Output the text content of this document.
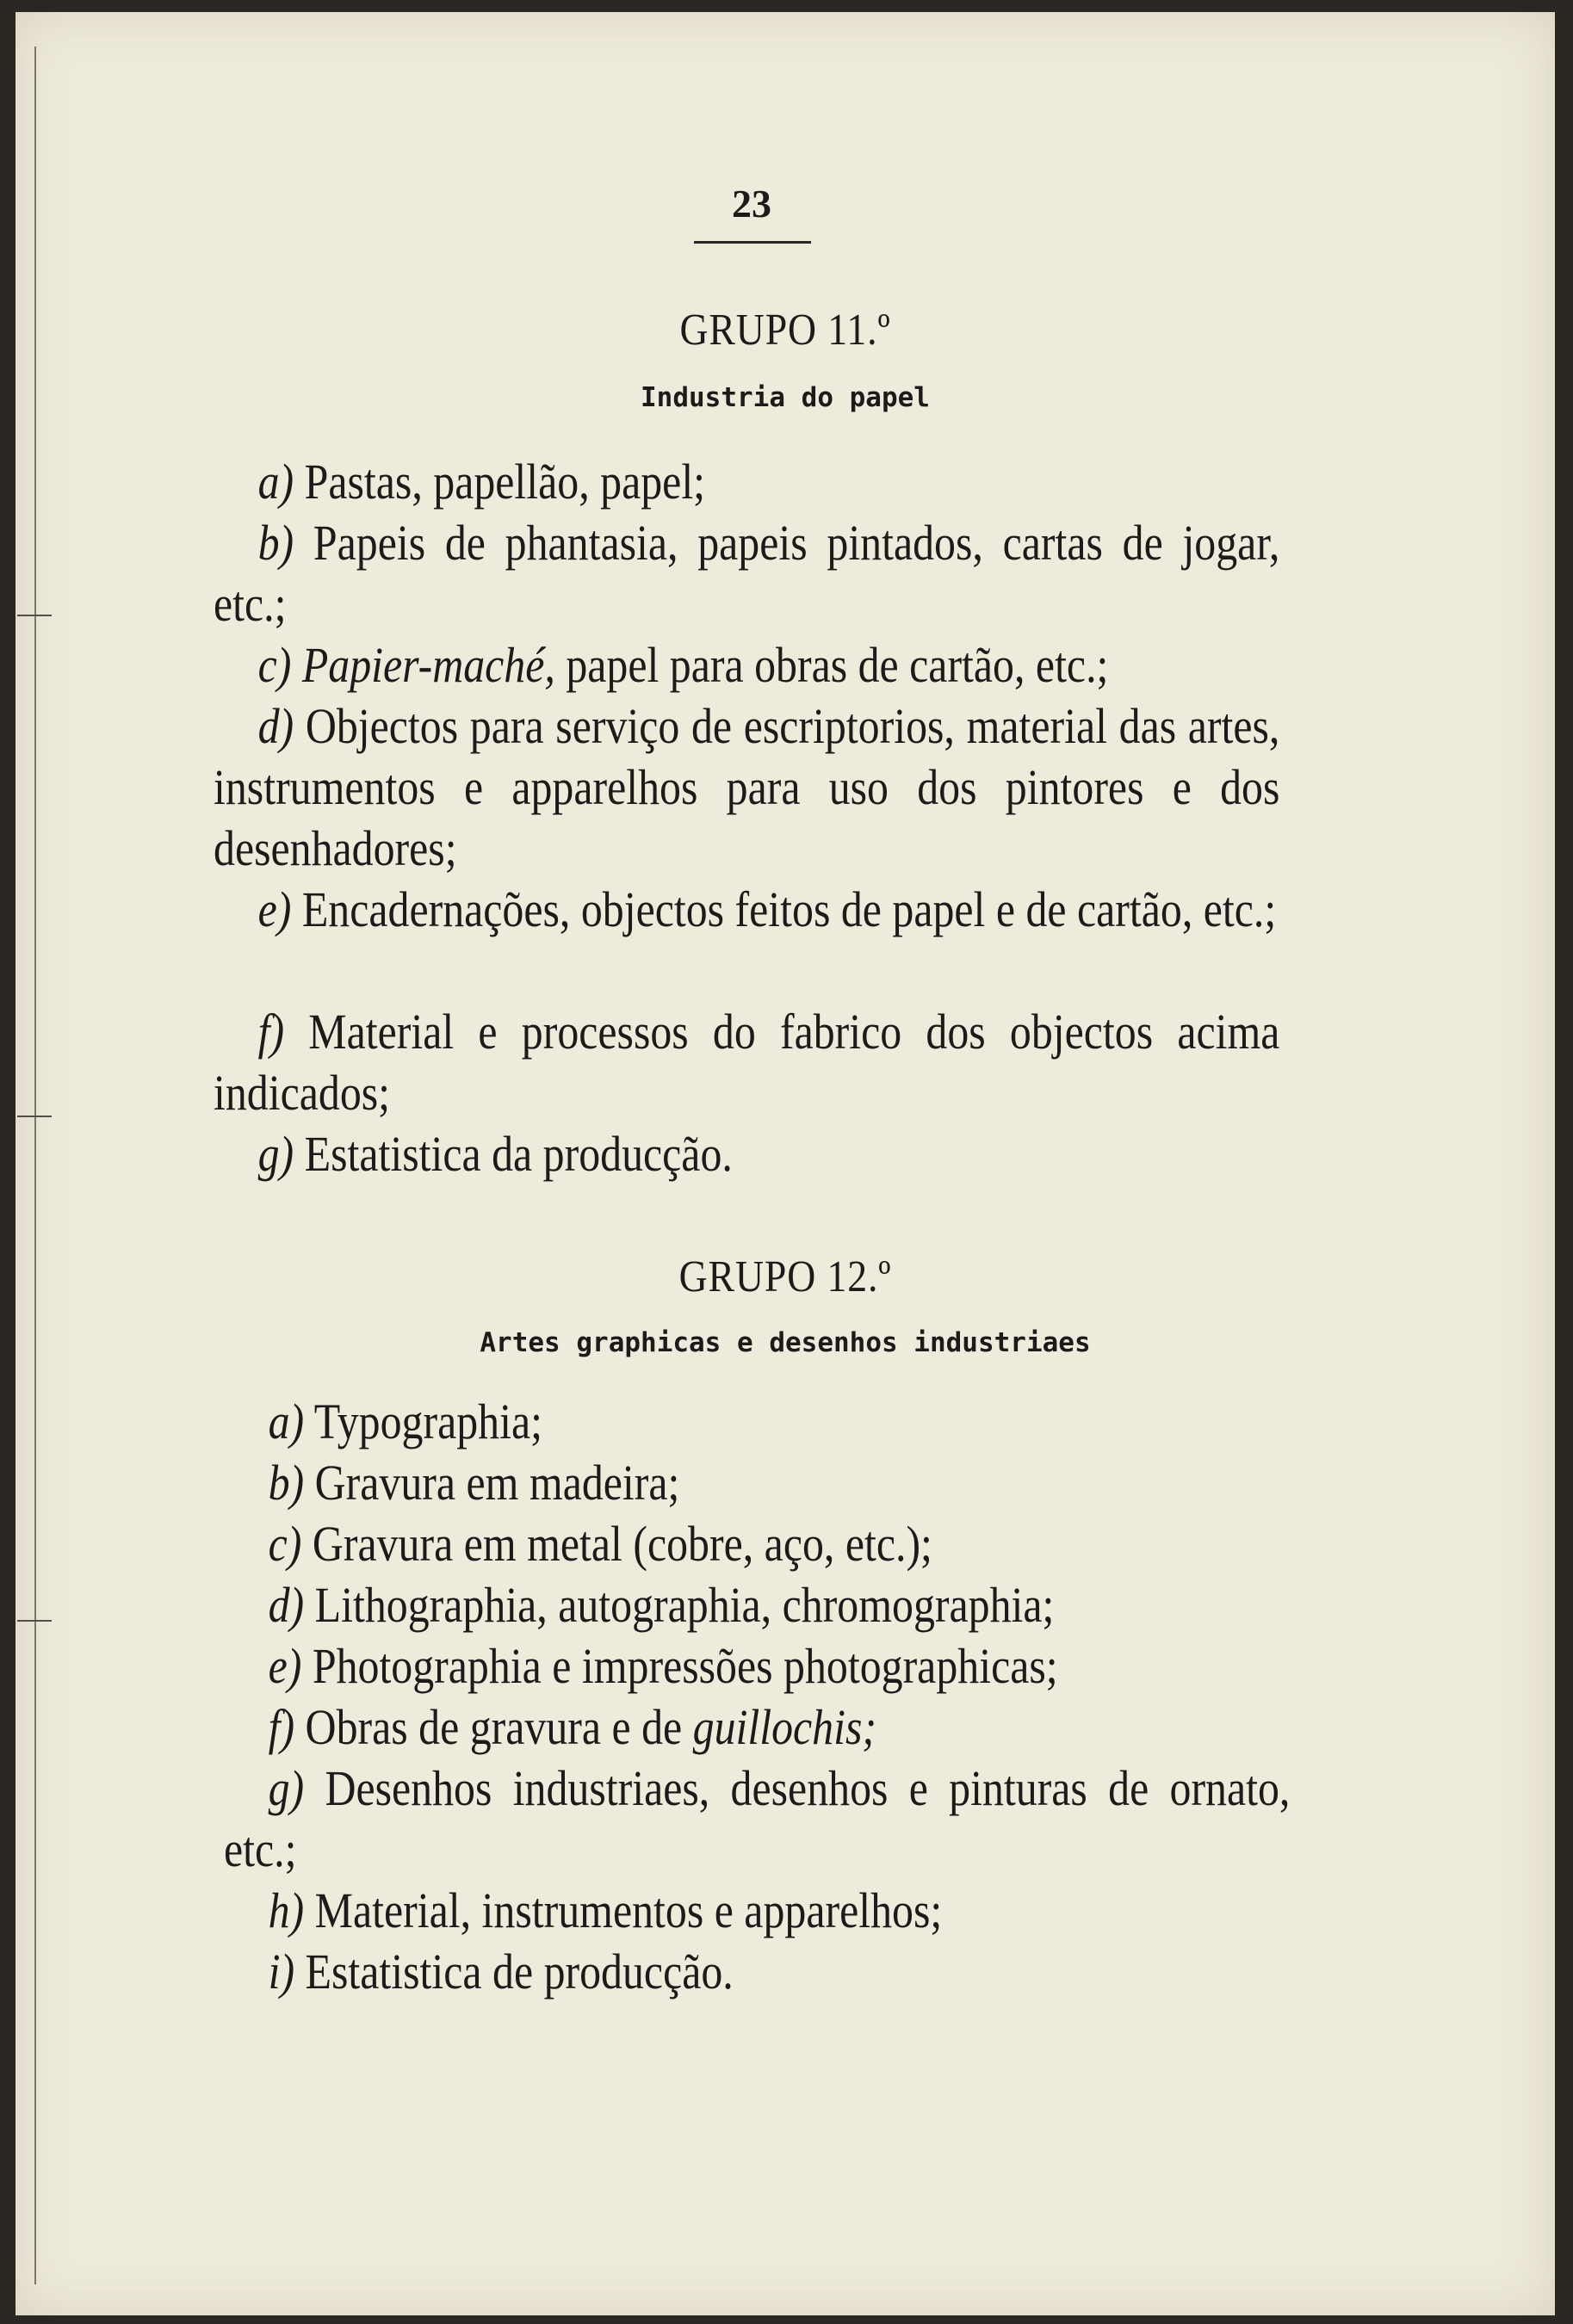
23
GRUPO 11.º
Industria do papel
a) Pastas, papellão, papel;
b) Papeis de phantasia, papeis pintados, cartas de jogar, etc.;
c) Papier-maché, papel para obras de cartão, etc.;
d) Objectos para serviço de escriptorios, material das artes, instrumentos e apparelhos para uso dos pintores e dos desenhadores;
e) Encadernações, objectos feitos de papel e de cartão, etc.;
f) Material e processos do fabrico dos objectos acima indicados;
g) Estatistica da producção.
GRUPO 12.º
Artes graphicas e desenhos industriaes
a) Typographia;
b) Gravura em madeira;
c) Gravura em metal (cobre, aço, etc.);
d) Lithographia, autographia, chromographia;
e) Photographia e impressões photographicas;
f) Obras de gravura e de guillochis;
g) Desenhos industriaes, desenhos e pinturas de ornato, etc.;
h) Material, instrumentos e apparelhos;
i) Estatistica de producção.
